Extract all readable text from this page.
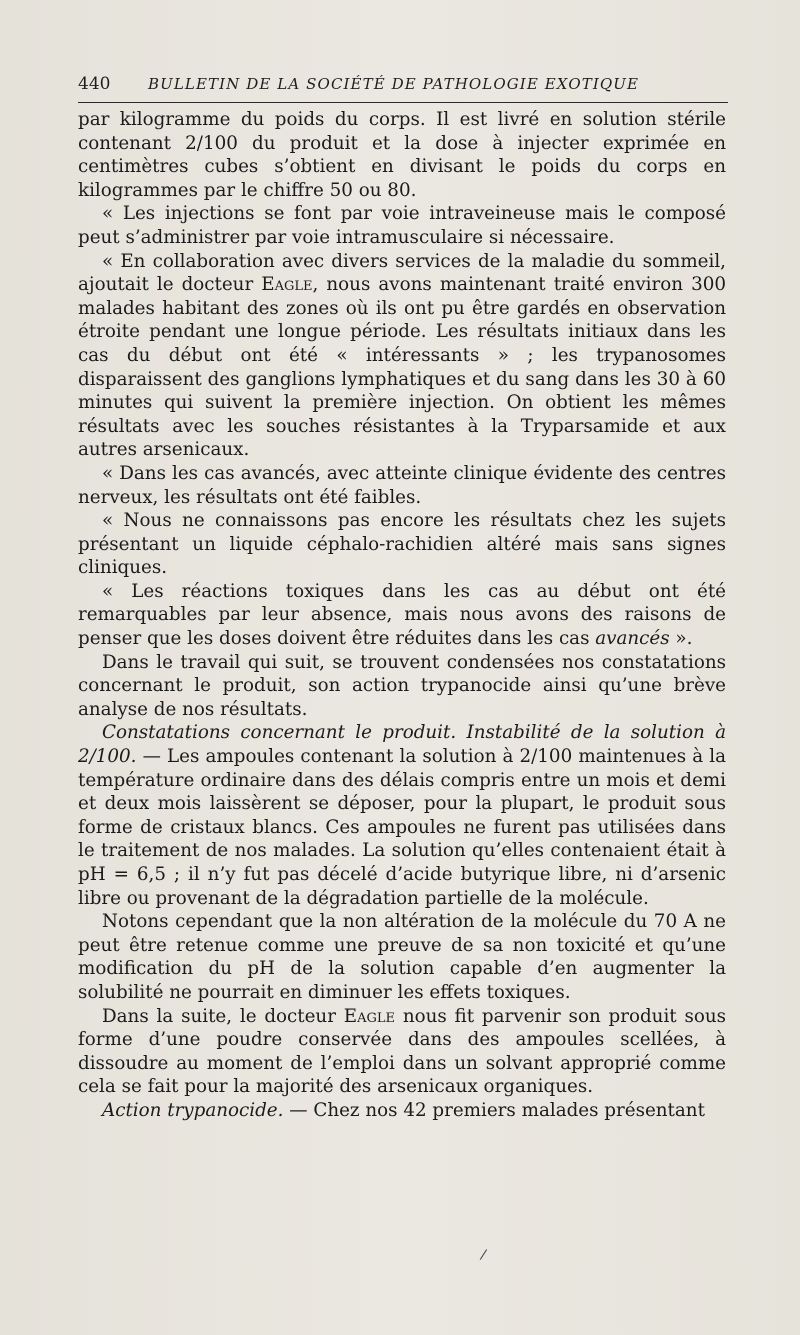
440	BULLETIN DE LA SOCIÉTÉ DE PATHOLOGIE EXOTIQUE

par kilogramme du poids du corps. Il est livré en solution stérile contenant 2/100 du produit et la dose à injecter exprimée en centimètres cubes s’obtient en divisant le poids du corps en kilogrammes par le chiffre 50 ou 80.

« Les injections se font par voie intraveineuse mais le composé peut s’administrer par voie intramusculaire si nécessaire.

« En collaboration avec divers services de la maladie du sommeil, ajoutait le docteur Eagle, nous avons maintenant traité environ 300 malades habitant des zones où ils ont pu être gardés en observation étroite pendant une longue période. Les résultats initiaux dans les cas du début ont été « intéressants » ; les trypanosomes disparaissent des ganglions lymphatiques et du sang dans les 30 à 60 minutes qui suivent la première injection. On obtient les mêmes résultats avec les souches résistantes à la Tryparsamide et aux autres arsenicaux.

« Dans les cas avancés, avec atteinte clinique évidente des centres nerveux, les résultats ont été faibles.

« Nous ne connaissons pas encore les résultats chez les sujets présentant un liquide céphalo-rachidien altéré mais sans signes cliniques.

« Les réactions toxiques dans les cas au début ont été remarquables par leur absence, mais nous avons des raisons de penser que les doses doivent être réduites dans les cas avancés ».

Dans le travail qui suit, se trouvent condensées nos constatations concernant le produit, son action trypanocide ainsi qu’une brève analyse de nos résultats.

Constatations concernant le produit. Instabilité de la solution à 2/100. — Les ampoules contenant la solution à 2/100 maintenues à la température ordinaire dans des délais compris entre un mois et demi et deux mois laissèrent se déposer, pour la plupart, le produit sous forme de cristaux blancs. Ces ampoules ne furent pas utilisées dans le traitement de nos malades. La solution qu’elles contenaient était à pH = 6,5 ; il n’y fut pas décelé d’acide butyrique libre, ni d’arsenic libre ou provenant de la dégradation partielle de la molécule.

Notons cependant que la non altération de la molécule du 70 A ne peut être retenue comme une preuve de sa non toxicité et qu’une modification du pH de la solution capable d’en augmenter la solubilité ne pourrait en diminuer les effets toxiques.

Dans la suite, le docteur Eagle nous fit parvenir son produit sous forme d’une poudre conservée dans des ampoules scellées, à dissoudre au moment de l’emploi dans un solvant approprié comme cela se fait pour la majorité des arsenicaux organiques.

Action trypanocide. — Chez nos 42 premiers malades présentant

/
